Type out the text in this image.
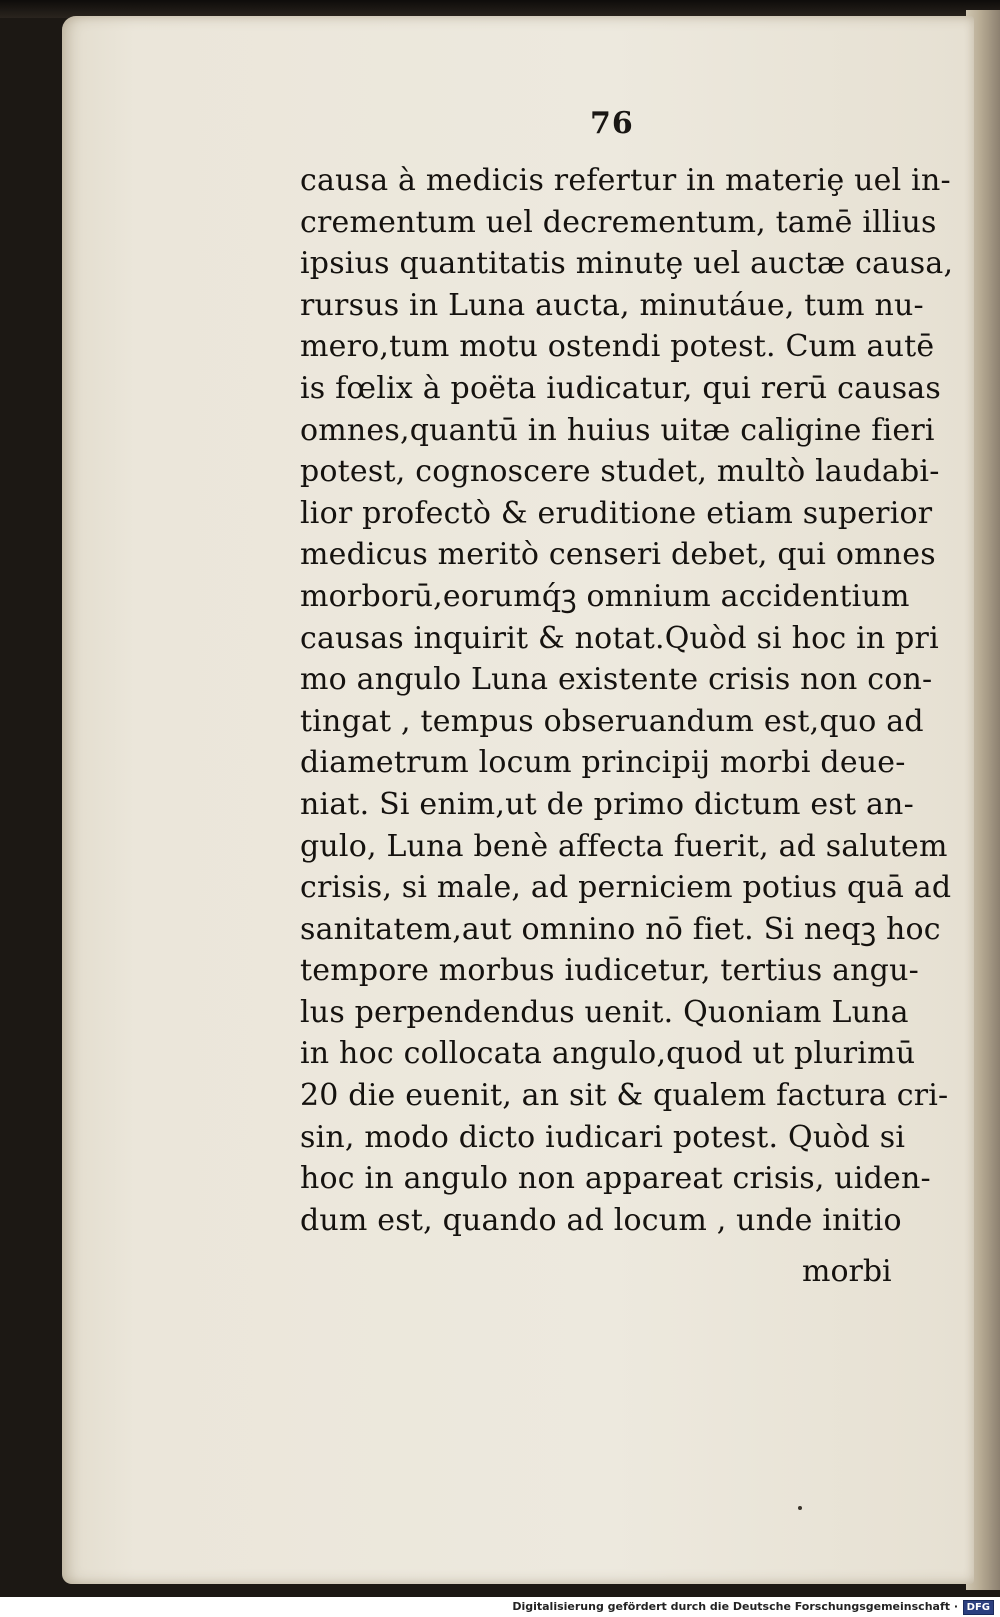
76
causa à medicis refertur in materiȩ uel in‐
crementum uel decrementum, tamē illius
ipsius quantitatis minutȩ uel auctæ causa,
rursus in Luna aucta, minutáue, tum nu‐
mero,tum motu ostendi potest. Cum autē
is fœlix à poëta iudicatur, qui rerū causas
omnes,quantū in huius uitæ caligine fieri
potest, cognoscere studet, multò laudabi‐
lior profectò & eruditione etiam superior
medicus meritò censeri debet, qui omnes
morborū,eorumq́ꝫ omnium accidentium
causas inquirit & notat.Quòd si hoc in pri
mo angulo Luna existente crisis non con‐
tingat , tempus obseruandum est,quo ad
diametrum locum principij morbi deue‐
niat. Si enim,ut de primo dictum est an‐
gulo, Luna benè affecta fuerit, ad salutem
crisis, si male, ad perniciem potius quā ad
sanitatem,aut omnino nō fiet. Si neqꝫ hoc
tempore morbus iudicetur, tertius angu‐
lus perpendendus uenit. Quoniam Luna
in hoc collocata angulo,quod ut plurimū
20 die euenit, an sit & qualem factura cri‐
sin, modo dicto iudicari potest. Quòd si
hoc in angulo non appareat crisis, uiden‐
dum est, quando ad locum , unde initio
morbi
Digitalisierung gefördert durch die Deutsche Forschungsgemeinschaft · DFG
